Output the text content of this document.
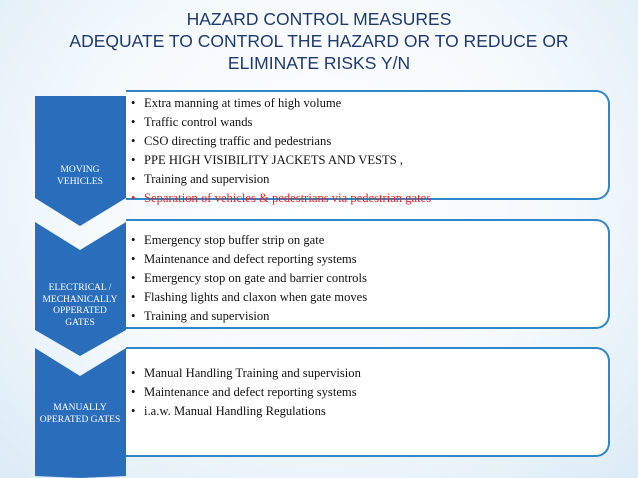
HAZARD CONTROL MEASURES
ADEQUATE TO CONTROL THE HAZARD OR TO REDUCE OR
ELIMINATE RISKS Y/N
MOVING VEHICLES
ELECTRICAL / MECHANICALLY OPPERATED GATES
MANUALLY OPERATED GATES
• Extra manning at times of high volume
• Traffic control wands
• CSO directing traffic and pedestrians
• PPE HIGH VISIBILITY JACKETS AND VESTS ,
• Training and supervision
• Separation of vehicles & pedestrians via pedestrian gates
• Emergency stop buffer strip on gate
• Maintenance and defect reporting systems
• Emergency stop on gate and barrier controls
• Flashing lights and claxon when gate moves
• Training and supervision
• Manual Handling Training and supervision
• Maintenance and defect reporting systems
• i.a.w. Manual Handling Regulations
